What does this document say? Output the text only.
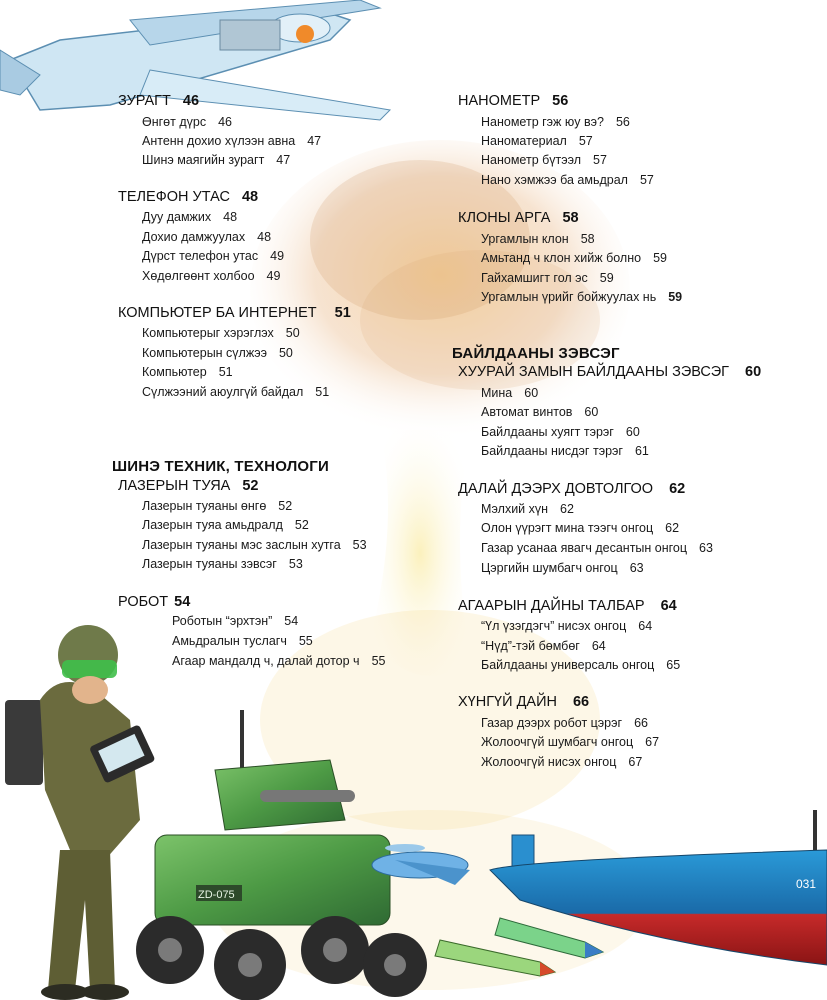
ZD-075
031
ЗУРАГТ 46
Өнгөт дүрс 46
Антенн дохио хүлээн авна 47
Шинэ маягийн зурагт 47
ТЕЛЕФОН УТАС 48
Дуу дамжих 48
Дохио дамжуулах 48
Дүрст телефон утас 49
Хөдөлгөөнт холбоо 49
КОМПЬЮТЕР БА ИНТЕРНЕТ 51
Компьютерыг хэрэглэх 50
Компьютерын сүлжээ 50
Компьютер 51
Сүлжээний аюулгүй байдал 51
ШИНЭ ТЕХНИК, ТЕХНОЛОГИ
ЛАЗЕРЫН ТУЯА 52
Лазерын туяаны өнгө 52
Лазерын туяа амьдралд 52
Лазерын туяаны мэс заслын хутга 53
Лазерын туяаны зэвсэг 53
РОБОТ 54
Роботын “эрхтэн” 54
Амьдралын туслагч 55
Агаар мандалд ч, далай дотор ч 55
НАНОМЕТР 56
Нанометр гэж юу вэ? 56
Наноматериал 57
Нанометр бүтээл 57
Нано хэмжээ ба амьдрал 57
КЛОНЫ АРГА 58
Ургамлын клон 58
Амьтанд ч клон хийж болно 59
Гайхамшигт гол эс 59
Ургамлын үрийг бойжуулах нь 59
БАЙЛДААНЫ ЗЭВСЭГ
ХУУРАЙ ЗАМЫН БАЙЛДААНЫ ЗЭВСЭГ 60
Мина 60
Автомат винтов 60
Байлдааны хуягт тэрэг 60
Байлдааны нисдэг тэрэг 61
ДАЛАЙ ДЭЭРХ ДОВТОЛГОО 62
Мэлхий хүн 62
Олон үүрэгт мина тээгч онгоц 62
Газар усанаа явагч десантын онгоц 63
Цэргийн шумбагч онгоц 63
АГААРЫН ДАЙНЫ ТАЛБАР 64
“Үл үзэгдэгч” нисэх онгоц 64
“Нүд”-тэй бөмбөг 64
Байлдааны универсаль онгоц 65
ХҮНГҮЙ ДАЙН 66
Газар дээрх робот цэрэг 66
Жолоочгүй шумбагч онгоц 67
Жолоочгүй нисэх онгоц 67
